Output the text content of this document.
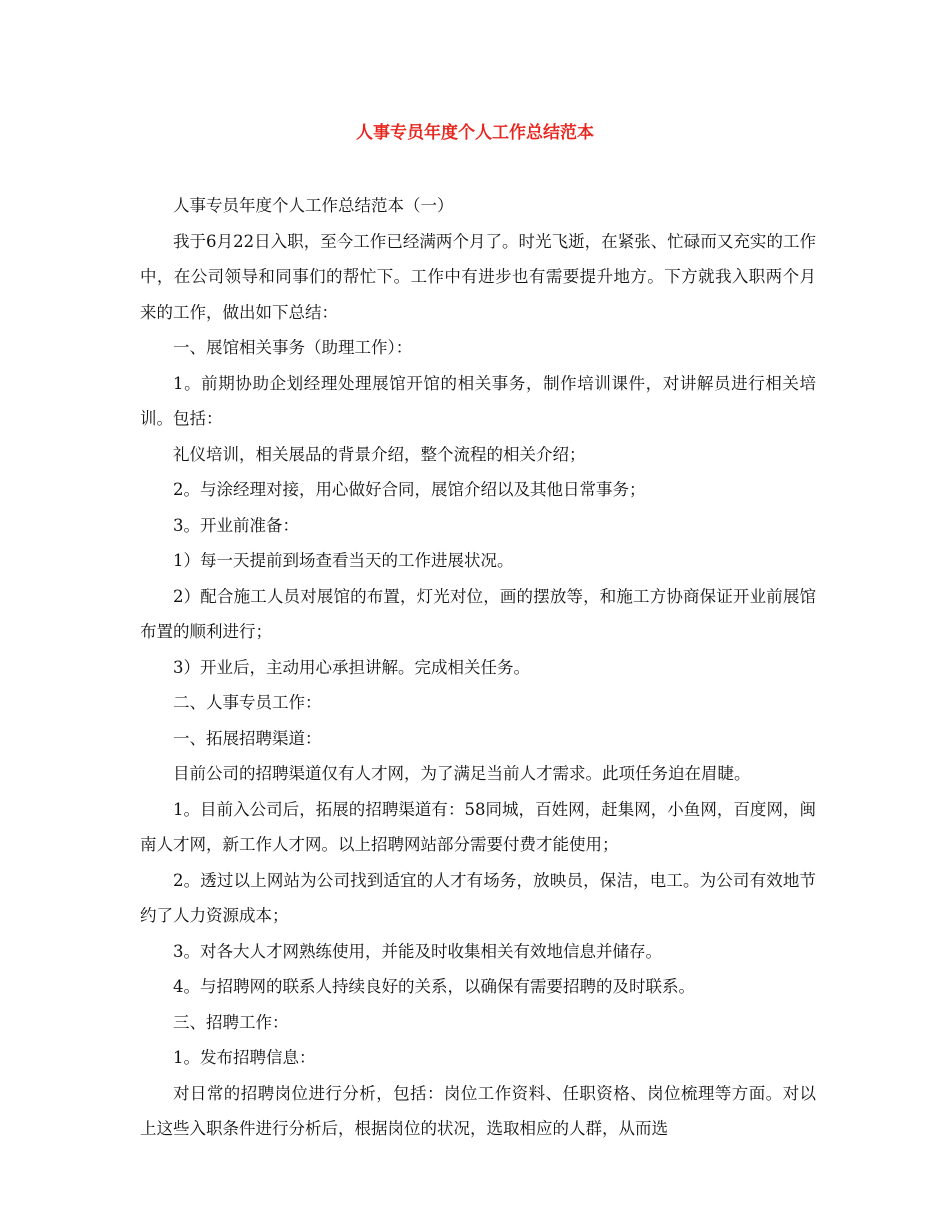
人事专员年度个人工作总结范本

人事专员年度个人工作总结范本（一）

我于6月22日入职，至今工作已经满两个月了。时光飞逝，在紧张、忙碌而又充实的工作中，在公司领导和同事们的帮忙下。工作中有进步也有需要提升地方。下方就我入职两个月来的工作，做出如下总结：

一、展馆相关事务（助理工作）：

1。前期协助企划经理处理展馆开馆的相关事务，制作培训课件，对讲解员进行相关培训。包括：

礼仪培训，相关展品的背景介绍，整个流程的相关介绍；

2。与涂经理对接，用心做好合同，展馆介绍以及其他日常事务；

3。开业前准备：

1）每一天提前到场查看当天的工作进展状况。

2）配合施工人员对展馆的布置，灯光对位，画的摆放等，和施工方协商保证开业前展馆布置的顺利进行；

3）开业后，主动用心承担讲解。完成相关任务。

二、人事专员工作：

一、拓展招聘渠道：

目前公司的招聘渠道仅有人才网，为了满足当前人才需求。此项任务迫在眉睫。

1。目前入公司后，拓展的招聘渠道有：58同城，百姓网，赶集网，小鱼网，百度网，闽南人才网，新工作人才网。以上招聘网站部分需要付费才能使用；

2。透过以上网站为公司找到适宜的人才有场务，放映员，保洁，电工。为公司有效地节约了人力资源成本；

3。对各大人才网熟练使用，并能及时收集相关有效地信息并储存。

4。与招聘网的联系人持续良好的关系，以确保有需要招聘的及时联系。

三、招聘工作：

1。发布招聘信息：

对日常的招聘岗位进行分析，包括：岗位工作资料、任职资格、岗位梳理等方面。对以上这些入职条件进行分析后，根据岗位的状况，选取相应的人群，从而选
